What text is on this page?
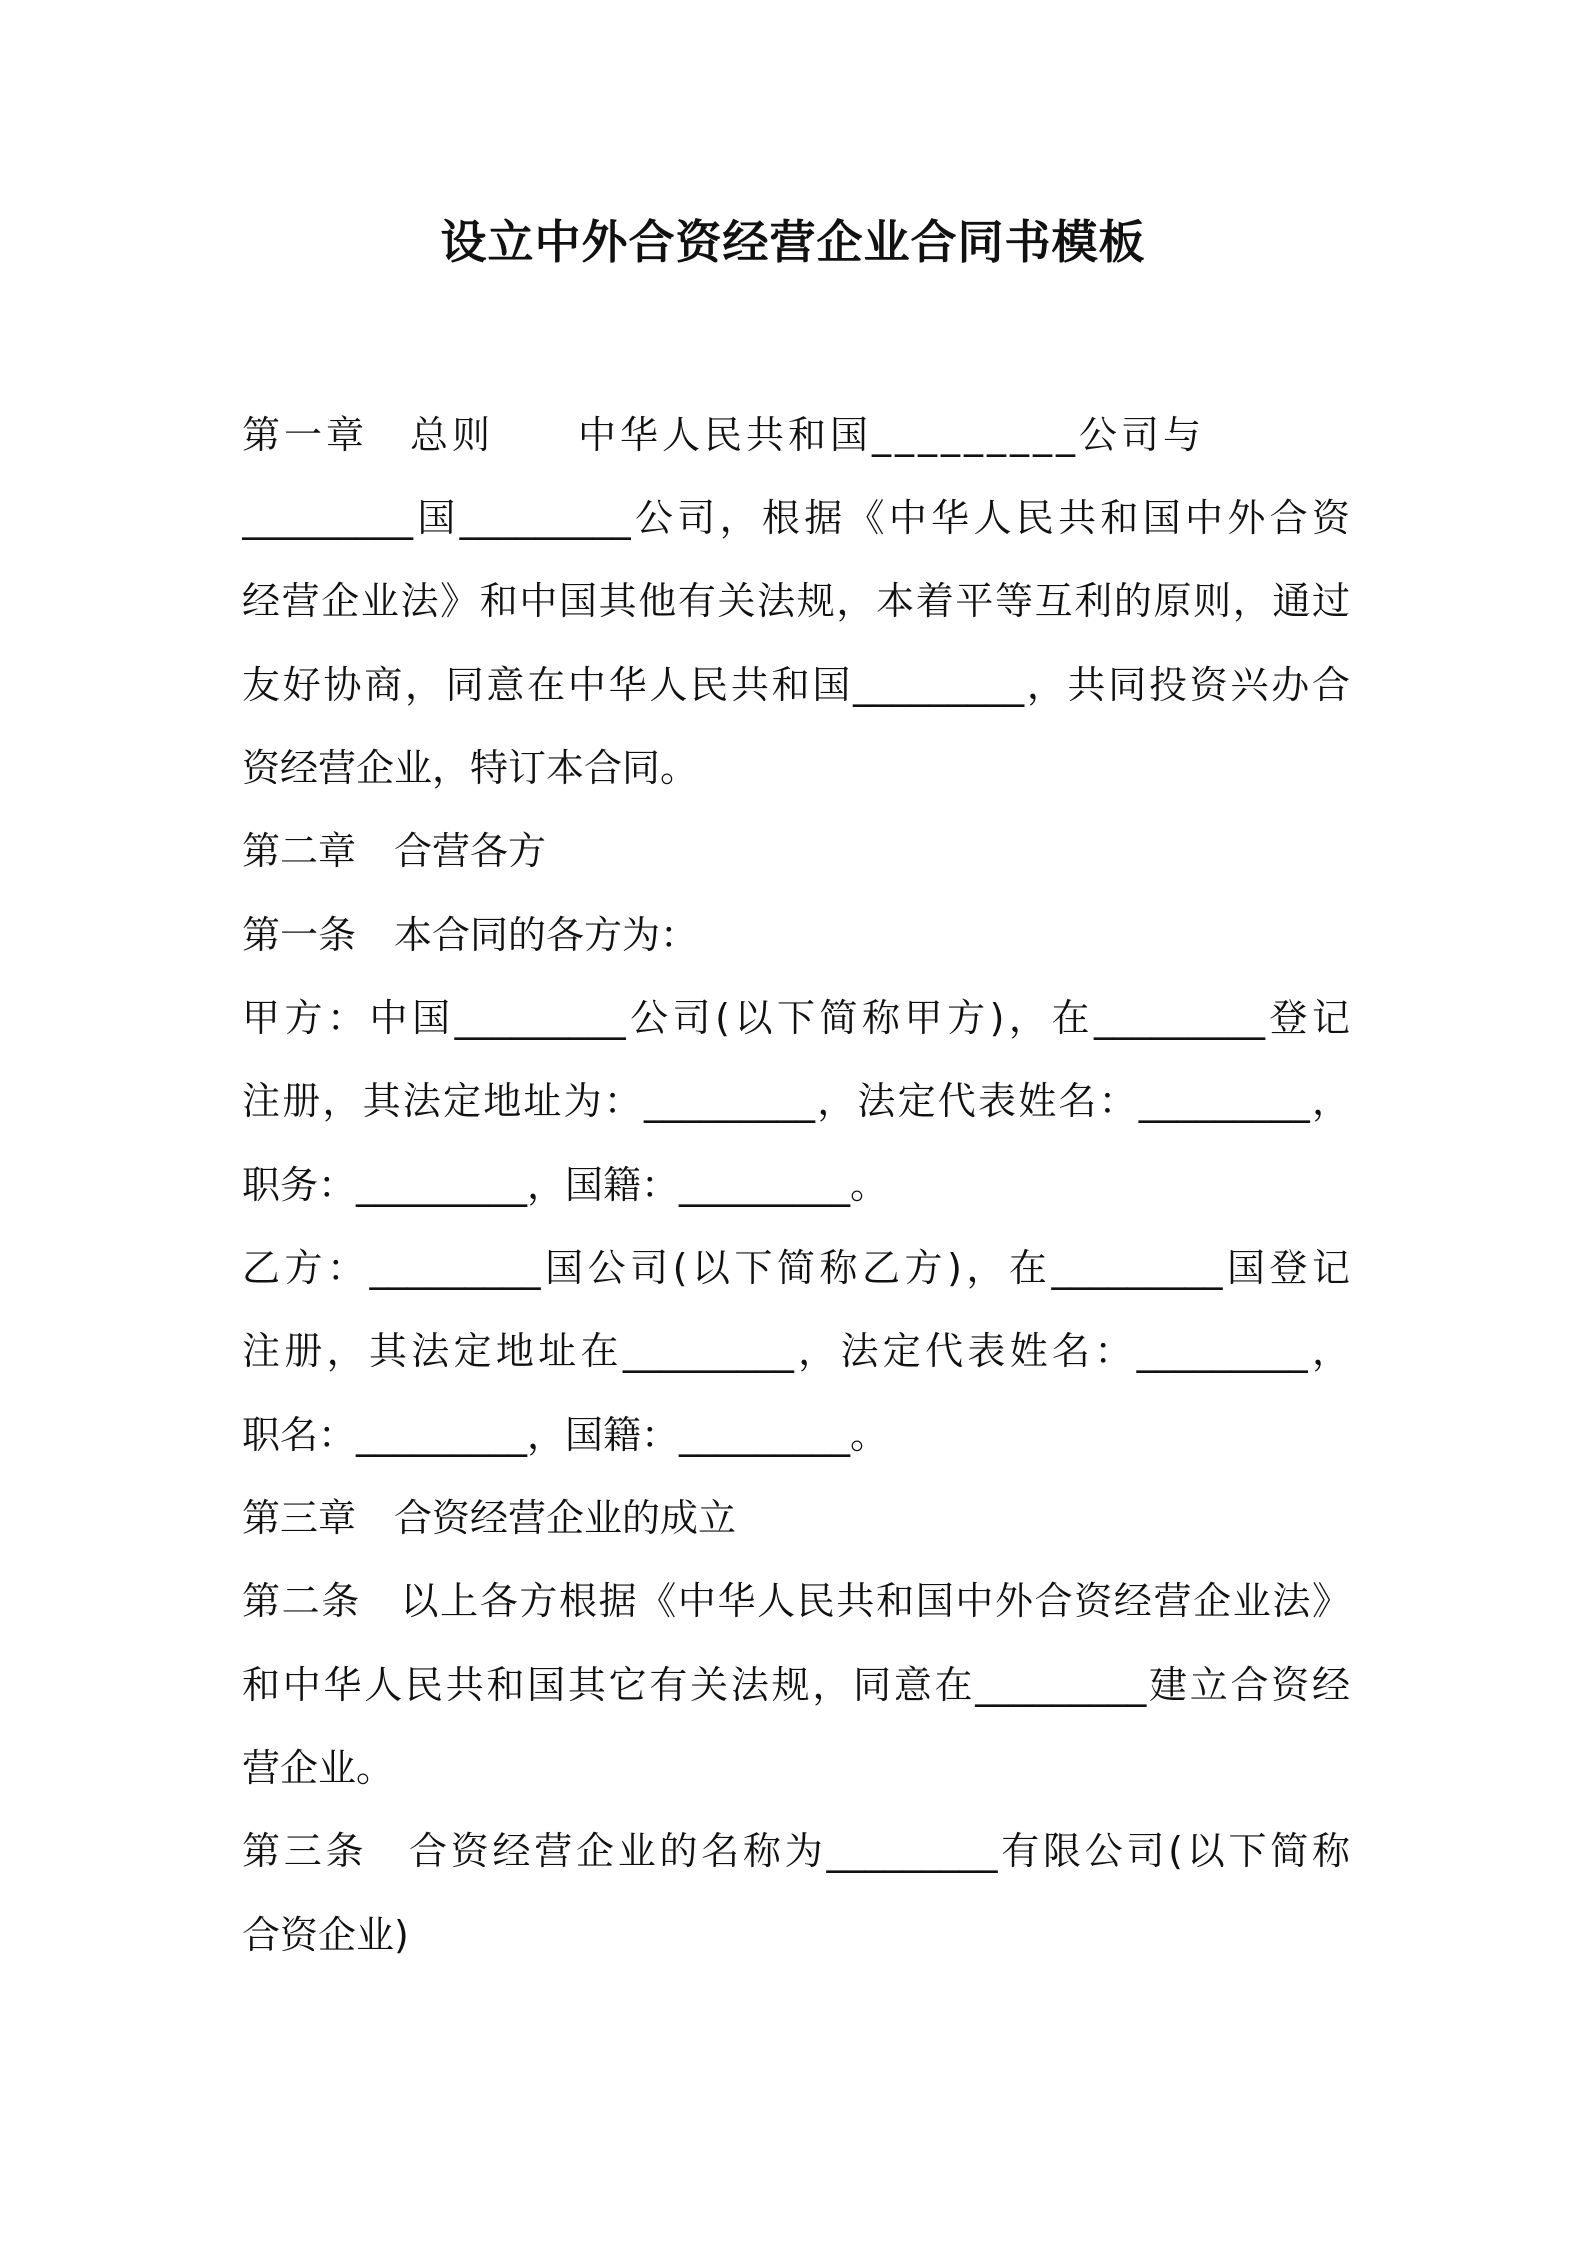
设立中外合资经营企业合同书模板
第一章　总则　　中华人民共和国_________公司与
_________国_________公司，根据《中华人民共和国中外合资
经营企业法》和中国其他有关法规，本着平等互利的原则，通过
友好协商，同意在中华人民共和国_________，共同投资兴办合
资经营企业，特订本合同。
第二章　合营各方
第一条　本合同的各方为：
甲方：中国_________公司(以下简称甲方)，在_________登记
注册，其法定地址为：_________，法定代表姓名：_________，
职务：_________，国籍：_________。
乙方：_________国公司(以下简称乙方)，在_________国登记
注册，其法定地址在_________，法定代表姓名：_________，
职名：_________，国籍：_________。
第三章　合资经营企业的成立
第二条　以上各方根据《中华人民共和国中外合资经营企业法》
和中华人民共和国其它有关法规，同意在_________建立合资经
营企业。
第三条　合资经营企业的名称为_________有限公司(以下简称
合资企业)
